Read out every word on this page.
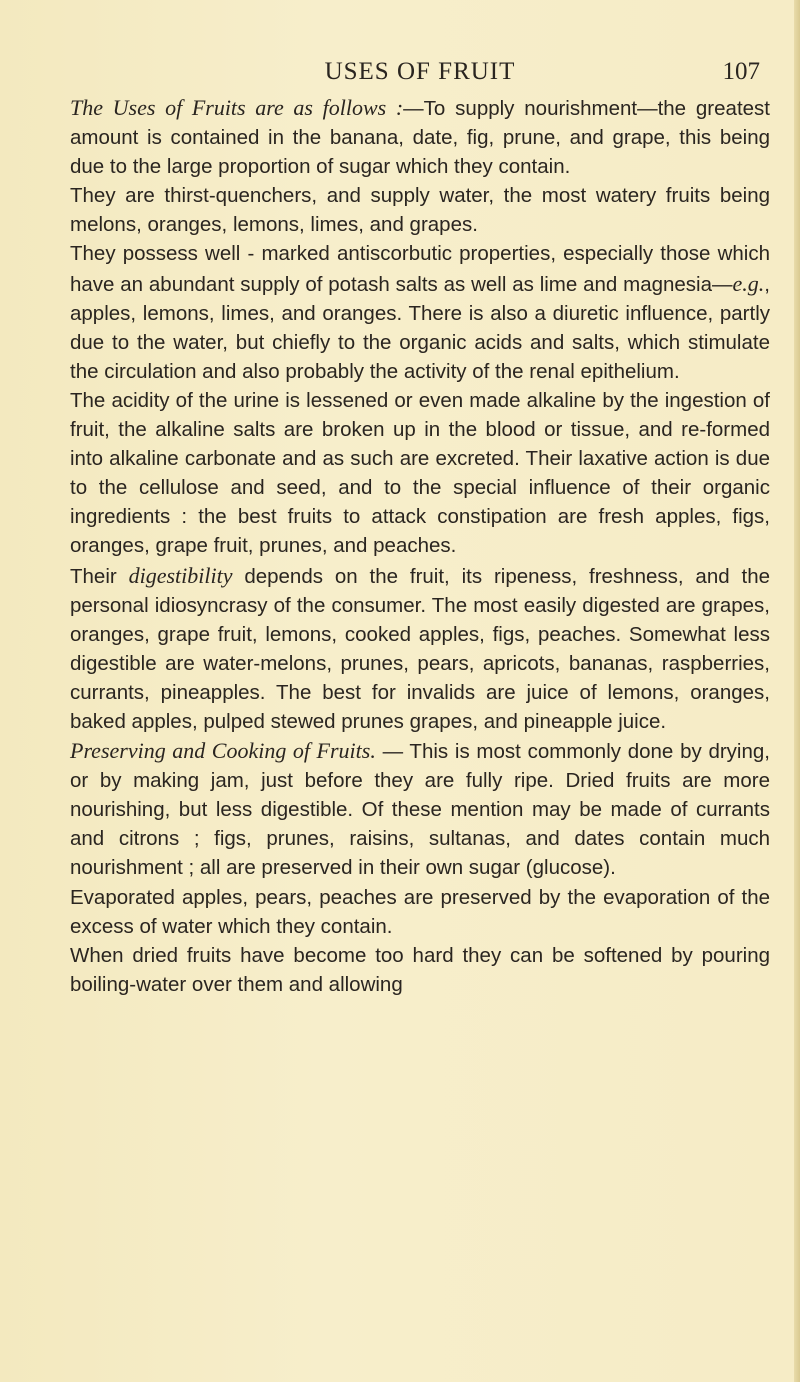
USES OF FRUIT	107

The Uses of Fruits are as follows :—To supply nourishment—the greatest amount is contained in the banana, date, fig, prune, and grape, this being due to the large proportion of sugar which they contain.

They are thirst-quenchers, and supply water, the most watery fruits being melons, oranges, lemons, limes, and grapes.

They possess well - marked antiscorbutic properties, especially those which have an abundant supply of potash salts as well as lime and magnesia—e.g., apples, lemons, limes, and oranges. There is also a diuretic influence, partly due to the water, but chiefly to the organic acids and salts, which stimulate the circulation and also probably the activity of the renal epithelium.

The acidity of the urine is lessened or even made alkaline by the ingestion of fruit, the alkaline salts are broken up in the blood or tissue, and re-formed into alkaline carbonate and as such are excreted. Their laxative action is due to the cellulose and seed, and to the special influence of their organic ingredients : the best fruits to attack constipation are fresh apples, figs, oranges, grape fruit, prunes, and peaches.

Their digestibility depends on the fruit, its ripeness, freshness, and the personal idiosyncrasy of the consumer. The most easily digested are grapes, oranges, grape fruit, lemons, cooked apples, figs, peaches. Somewhat less digestible are water-melons, prunes, pears, apricots, bananas, raspberries, currants, pineapples. The best for invalids are juice of lemons, oranges, baked apples, pulped stewed prunes grapes, and pineapple juice.

Preserving and Cooking of Fruits. — This is most commonly done by drying, or by making jam, just before they are fully ripe. Dried fruits are more nourishing, but less digestible. Of these mention may be made of currants and citrons ; figs, prunes, raisins, sultanas, and dates contain much nourishment ; all are preserved in their own sugar (glucose).

Evaporated apples, pears, peaches are preserved by the evaporation of the excess of water which they contain.

When dried fruits have become too hard they can be softened by pouring boiling-water over them and allowing
